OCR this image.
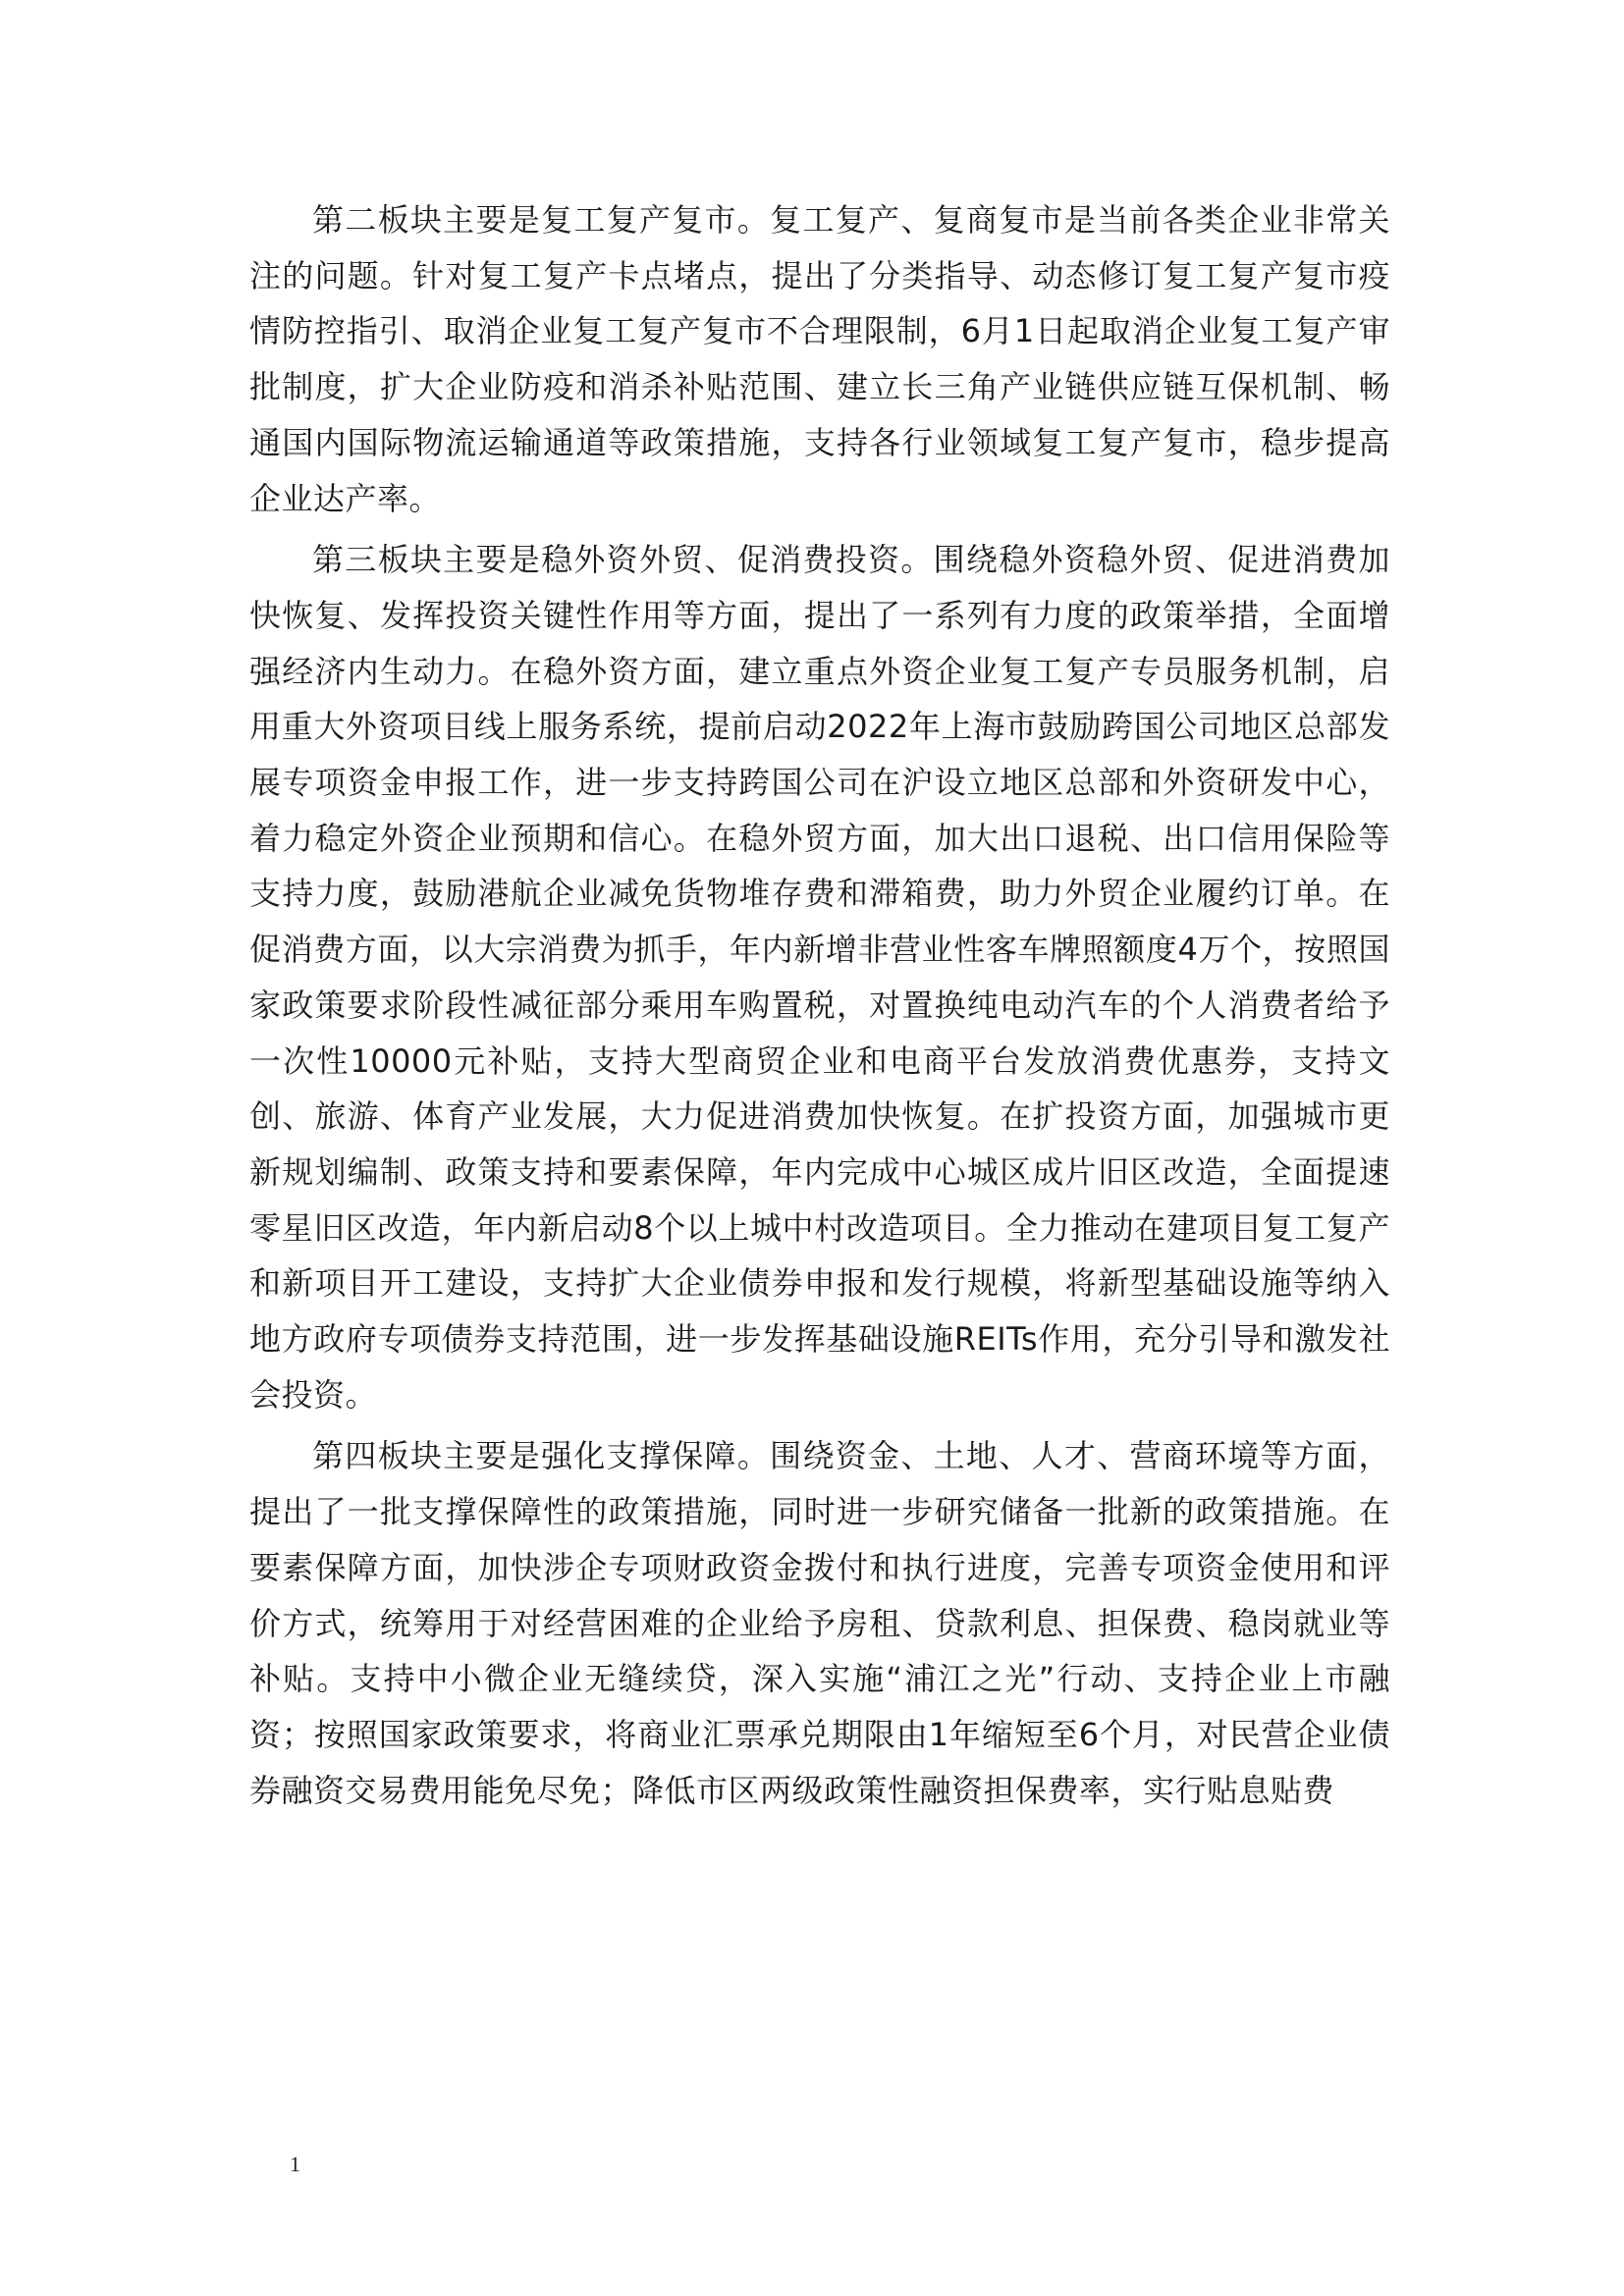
第二板块主要是复工复产复市。复工复产、复商复市是当前各类企业非常关注的问题。针对复工复产卡点堵点，提出了分类指导、动态修订复工复产复市疫情防控指引、取消企业复工复产复市不合理限制，6月1日起取消企业复工复产审批制度，扩大企业防疫和消杀补贴范围、建立长三角产业链供应链互保机制、畅通国内国际物流运输通道等政策措施，支持各行业领域复工复产复市，稳步提高企业达产率。

第三板块主要是稳外资外贸、促消费投资。围绕稳外资稳外贸、促进消费加快恢复、发挥投资关键性作用等方面，提出了一系列有力度的政策举措，全面增强经济内生动力。在稳外资方面，建立重点外资企业复工复产专员服务机制，启用重大外资项目线上服务系统，提前启动2022年上海市鼓励跨国公司地区总部发展专项资金申报工作，进一步支持跨国公司在沪设立地区总部和外资研发中心，着力稳定外资企业预期和信心。在稳外贸方面，加大出口退税、出口信用保险等支持力度，鼓励港航企业减免货物堆存费和滞箱费，助力外贸企业履约订单。在促消费方面，以大宗消费为抓手，年内新增非营业性客车牌照额度4万个，按照国家政策要求阶段性减征部分乘用车购置税，对置换纯电动汽车的个人消费者给予一次性10000元补贴，支持大型商贸企业和电商平台发放消费优惠券，支持文创、旅游、体育产业发展，大力促进消费加快恢复。在扩投资方面，加强城市更新规划编制、政策支持和要素保障，年内完成中心城区成片旧区改造，全面提速零星旧区改造，年内新启动8个以上城中村改造项目。全力推动在建项目复工复产和新项目开工建设，支持扩大企业债券申报和发行规模，将新型基础设施等纳入地方政府专项债券支持范围，进一步发挥基础设施REITs作用，充分引导和激发社会投资。

第四板块主要是强化支撑保障。围绕资金、土地、人才、营商环境等方面，提出了一批支撑保障性的政策措施，同时进一步研究储备一批新的政策措施。在要素保障方面，加快涉企专项财政资金拨付和执行进度，完善专项资金使用和评价方式，统筹用于对经营困难的企业给予房租、贷款利息、担保费、稳岗就业等补贴。支持中小微企业无缝续贷，深入实施“浦江之光”行动、支持企业上市融资；按照国家政策要求，将商业汇票承兑期限由1年缩短至6个月，对民营企业债券融资交易费用能免尽免；降低市区两级政策性融资担保费率，实行贴息贴费

1
